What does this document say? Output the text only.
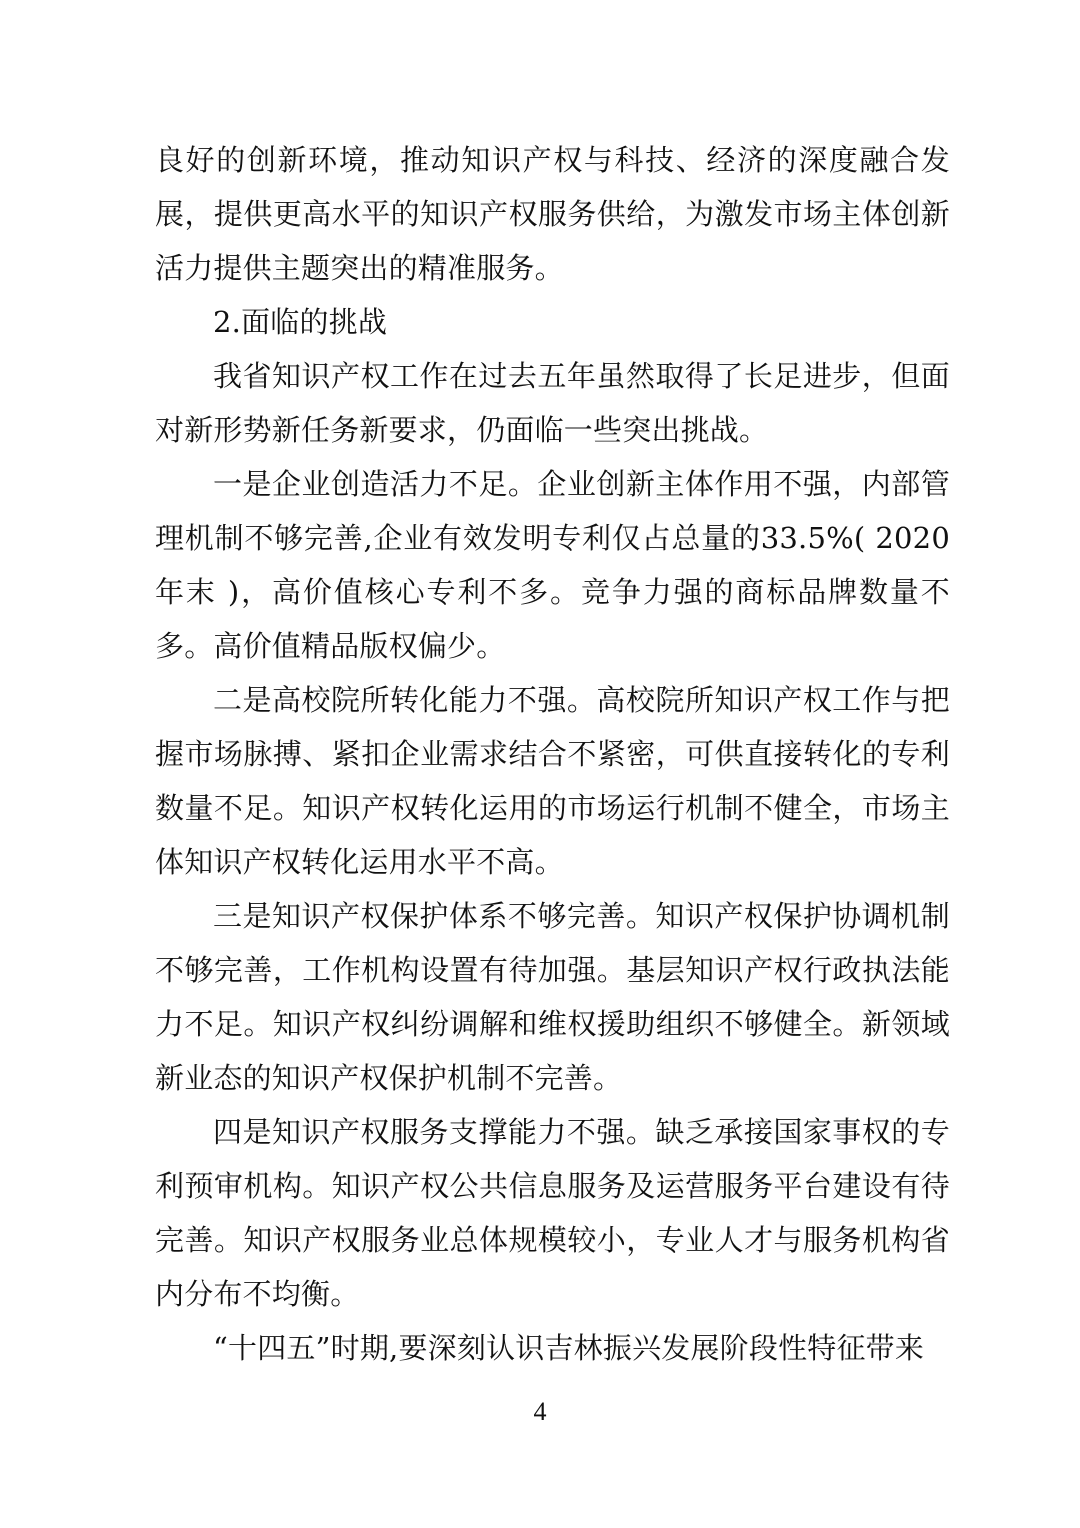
良好的创新环境，推动知识产权与科技、经济的深度融合发展，提供更高水平的知识产权服务供给，为激发市场主体创新活力提供主题突出的精准服务。

2.面临的挑战

我省知识产权工作在过去五年虽然取得了长足进步，但面对新形势新任务新要求，仍面临一些突出挑战。

一是企业创造活力不足。企业创新主体作用不强，内部管理机制不够完善,企业有效发明专利仅占总量的33.5%( 2020年末 )，高价值核心专利不多。竞争力强的商标品牌数量不多。高价值精品版权偏少。

二是高校院所转化能力不强。高校院所知识产权工作与把握市场脉搏、紧扣企业需求结合不紧密，可供直接转化的专利数量不足。知识产权转化运用的市场运行机制不健全，市场主体知识产权转化运用水平不高。

三是知识产权保护体系不够完善。知识产权保护协调机制不够完善，工作机构设置有待加强。基层知识产权行政执法能力不足。知识产权纠纷调解和维权援助组织不够健全。新领域新业态的知识产权保护机制不完善。

四是知识产权服务支撑能力不强。缺乏承接国家事权的专利预审机构。知识产权公共信息服务及运营服务平台建设有待完善。知识产权服务业总体规模较小，专业人才与服务机构省内分布不均衡。

“十四五”时期,要深刻认识吉林振兴发展阶段性特征带来

4
